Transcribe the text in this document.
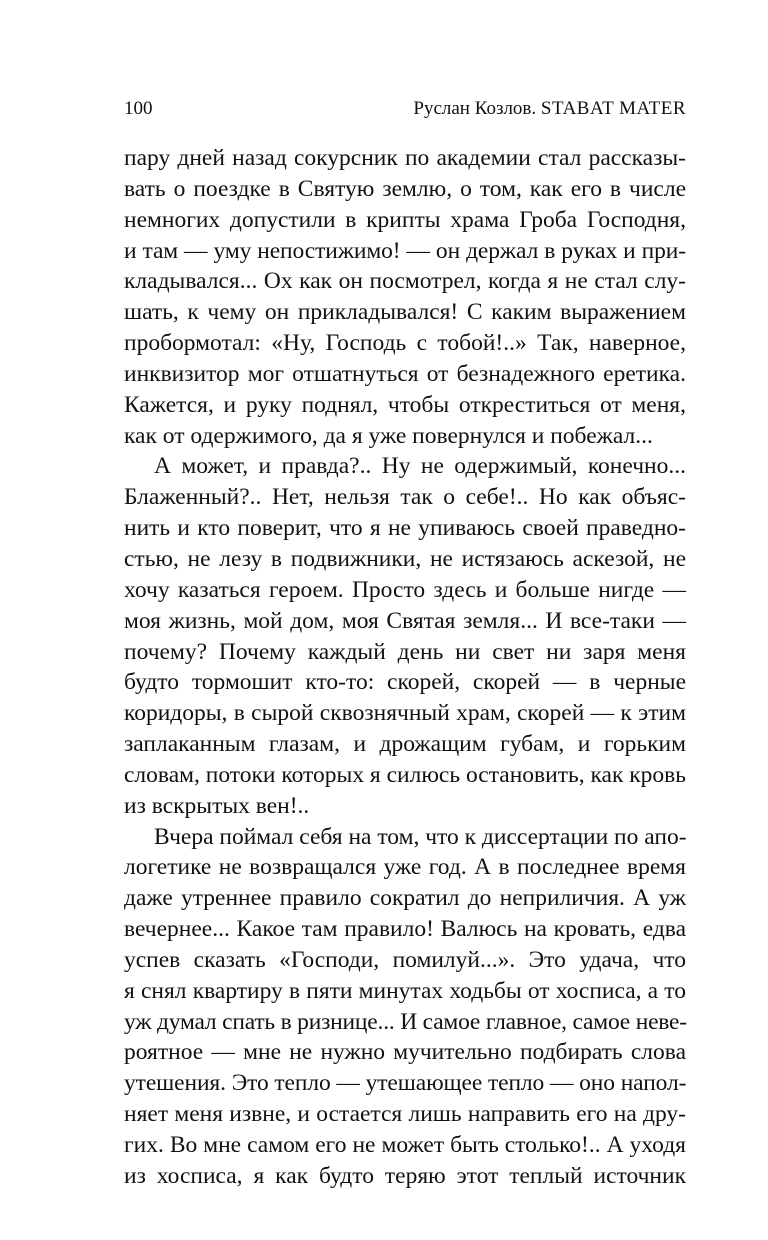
100	Руслан Козлов. STABAT MATER
пару дней назад сокурсник по академии стал рассказы-
вать о поездке в Святую землю, о том, как его в числе
немногих допустили в крипты храма Гроба Господня,
и там — уму непостижимо! — он держал в руках и при-
кладывался... Ох как он посмотрел, когда я не стал слу-
шать, к чему он прикладывался! С каким выражением
пробормотал: «Ну, Господь с тобой!..» Так, наверное,
инквизитор мог отшатнуться от безнадежного еретика.
Кажется, и руку поднял, чтобы откреститься от меня,
как от одержимого, да я уже повернулся и побежал...
А может, и правда?.. Ну не одержимый, конечно...
Блаженный?.. Нет, нельзя так о себе!.. Но как объяс-
нить и кто поверит, что я не упиваюсь своей праведно-
стью, не лезу в подвижники, не истязаюсь аскезой, не
хочу казаться героем. Просто здесь и больше нигде —
моя жизнь, мой дом, моя Святая земля... И все-таки —
почему? Почему каждый день ни свет ни заря меня
будто тормошит кто-то: скорей, скорей — в черные
коридоры, в сырой сквознячный храм, скорей — к этим
заплаканным глазам, и дрожащим губам, и горьким
словам, потоки которых я силюсь остановить, как кровь
из вскрытых вен!..
Вчера поймал себя на том, что к диссертации по апо-
логетике не возвращался уже год. А в последнее время
даже утреннее правило сократил до неприличия. А уж
вечернее... Какое там правило! Валюсь на кровать, едва
успев сказать «Господи, помилуй...». Это удача, что
я снял квартиру в пяти минутах ходьбы от хосписа, а то
уж думал спать в ризнице... И самое главное, самое неве-
роятное — мне не нужно мучительно подбирать слова
утешения. Это тепло — утешающее тепло — оно напол-
няет меня извне, и остается лишь направить его на дру-
гих. Во мне самом его не может быть столько!.. А уходя
из хосписа, я как будто теряю этот теплый источник
